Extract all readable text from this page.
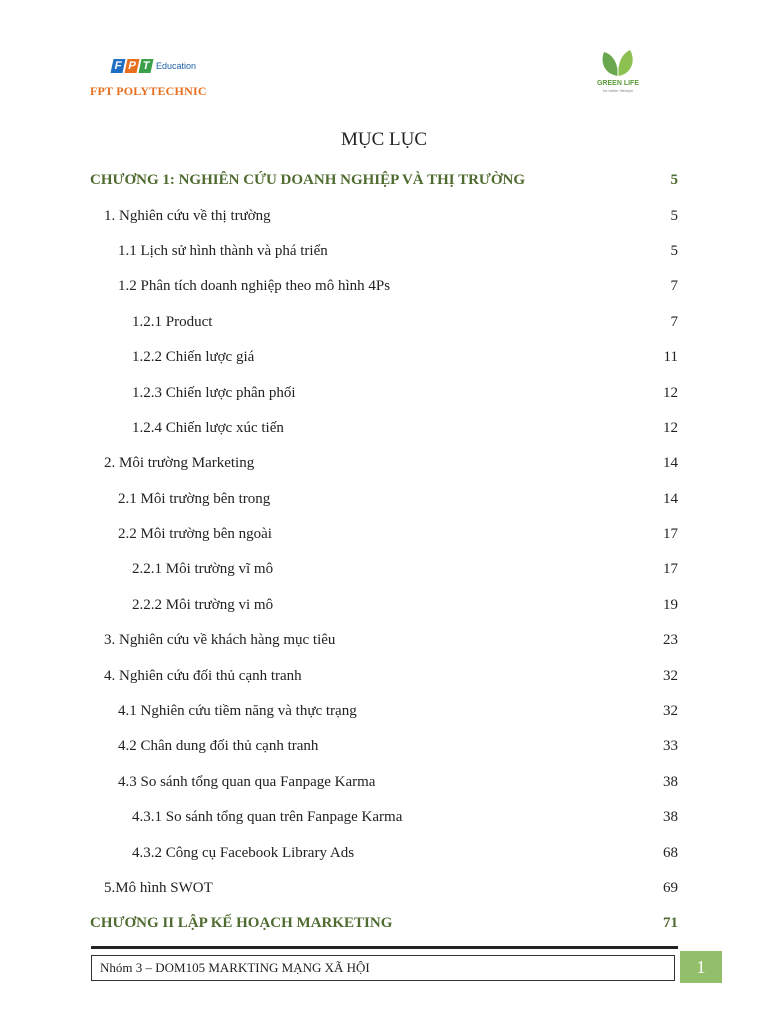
F P T Education
FPT POLYTECHNIC
GREEN LIFE
for better lifestyle
MỤC LỤC
CHƯƠNG 1: NGHIÊN CỨU DOANH NGHIỆP VÀ THỊ TRƯỜNG	5
1. Nghiên cứu về thị trường	5
1.1 Lịch sử hình thành và phá triển	5
1.2 Phân tích doanh nghiệp theo mô hình 4Ps	7
1.2.1 Product	7
1.2.2 Chiến lược giá	11
1.2.3 Chiến lược phân phối	12
1.2.4 Chiến lược xúc tiến	12
2. Môi trường Marketing	14
2.1 Môi trường bên trong	14
2.2 Môi trường bên ngoài	17
2.2.1 Môi trường vĩ mô	17
2.2.2 Môi trường vi mô	19
3. Nghiên cứu về khách hàng mục tiêu	23
4. Nghiên cứu đối thủ cạnh tranh	32
4.1 Nghiên cứu tiềm năng và thực trạng	32
4.2 Chân dung đối thủ cạnh tranh	33
4.3 So sánh tổng quan qua Fanpage Karma	38
4.3.1 So sánh tổng quan trên Fanpage Karma	38
4.3.2 Công cụ Facebook Library Ads	68
5.Mô hình SWOT	69
CHƯƠNG II LẬP KẾ HOẠCH MARKETING	71
Nhóm 3 – DOM105 MARKTING MẠNG XÃ HỘI	1
